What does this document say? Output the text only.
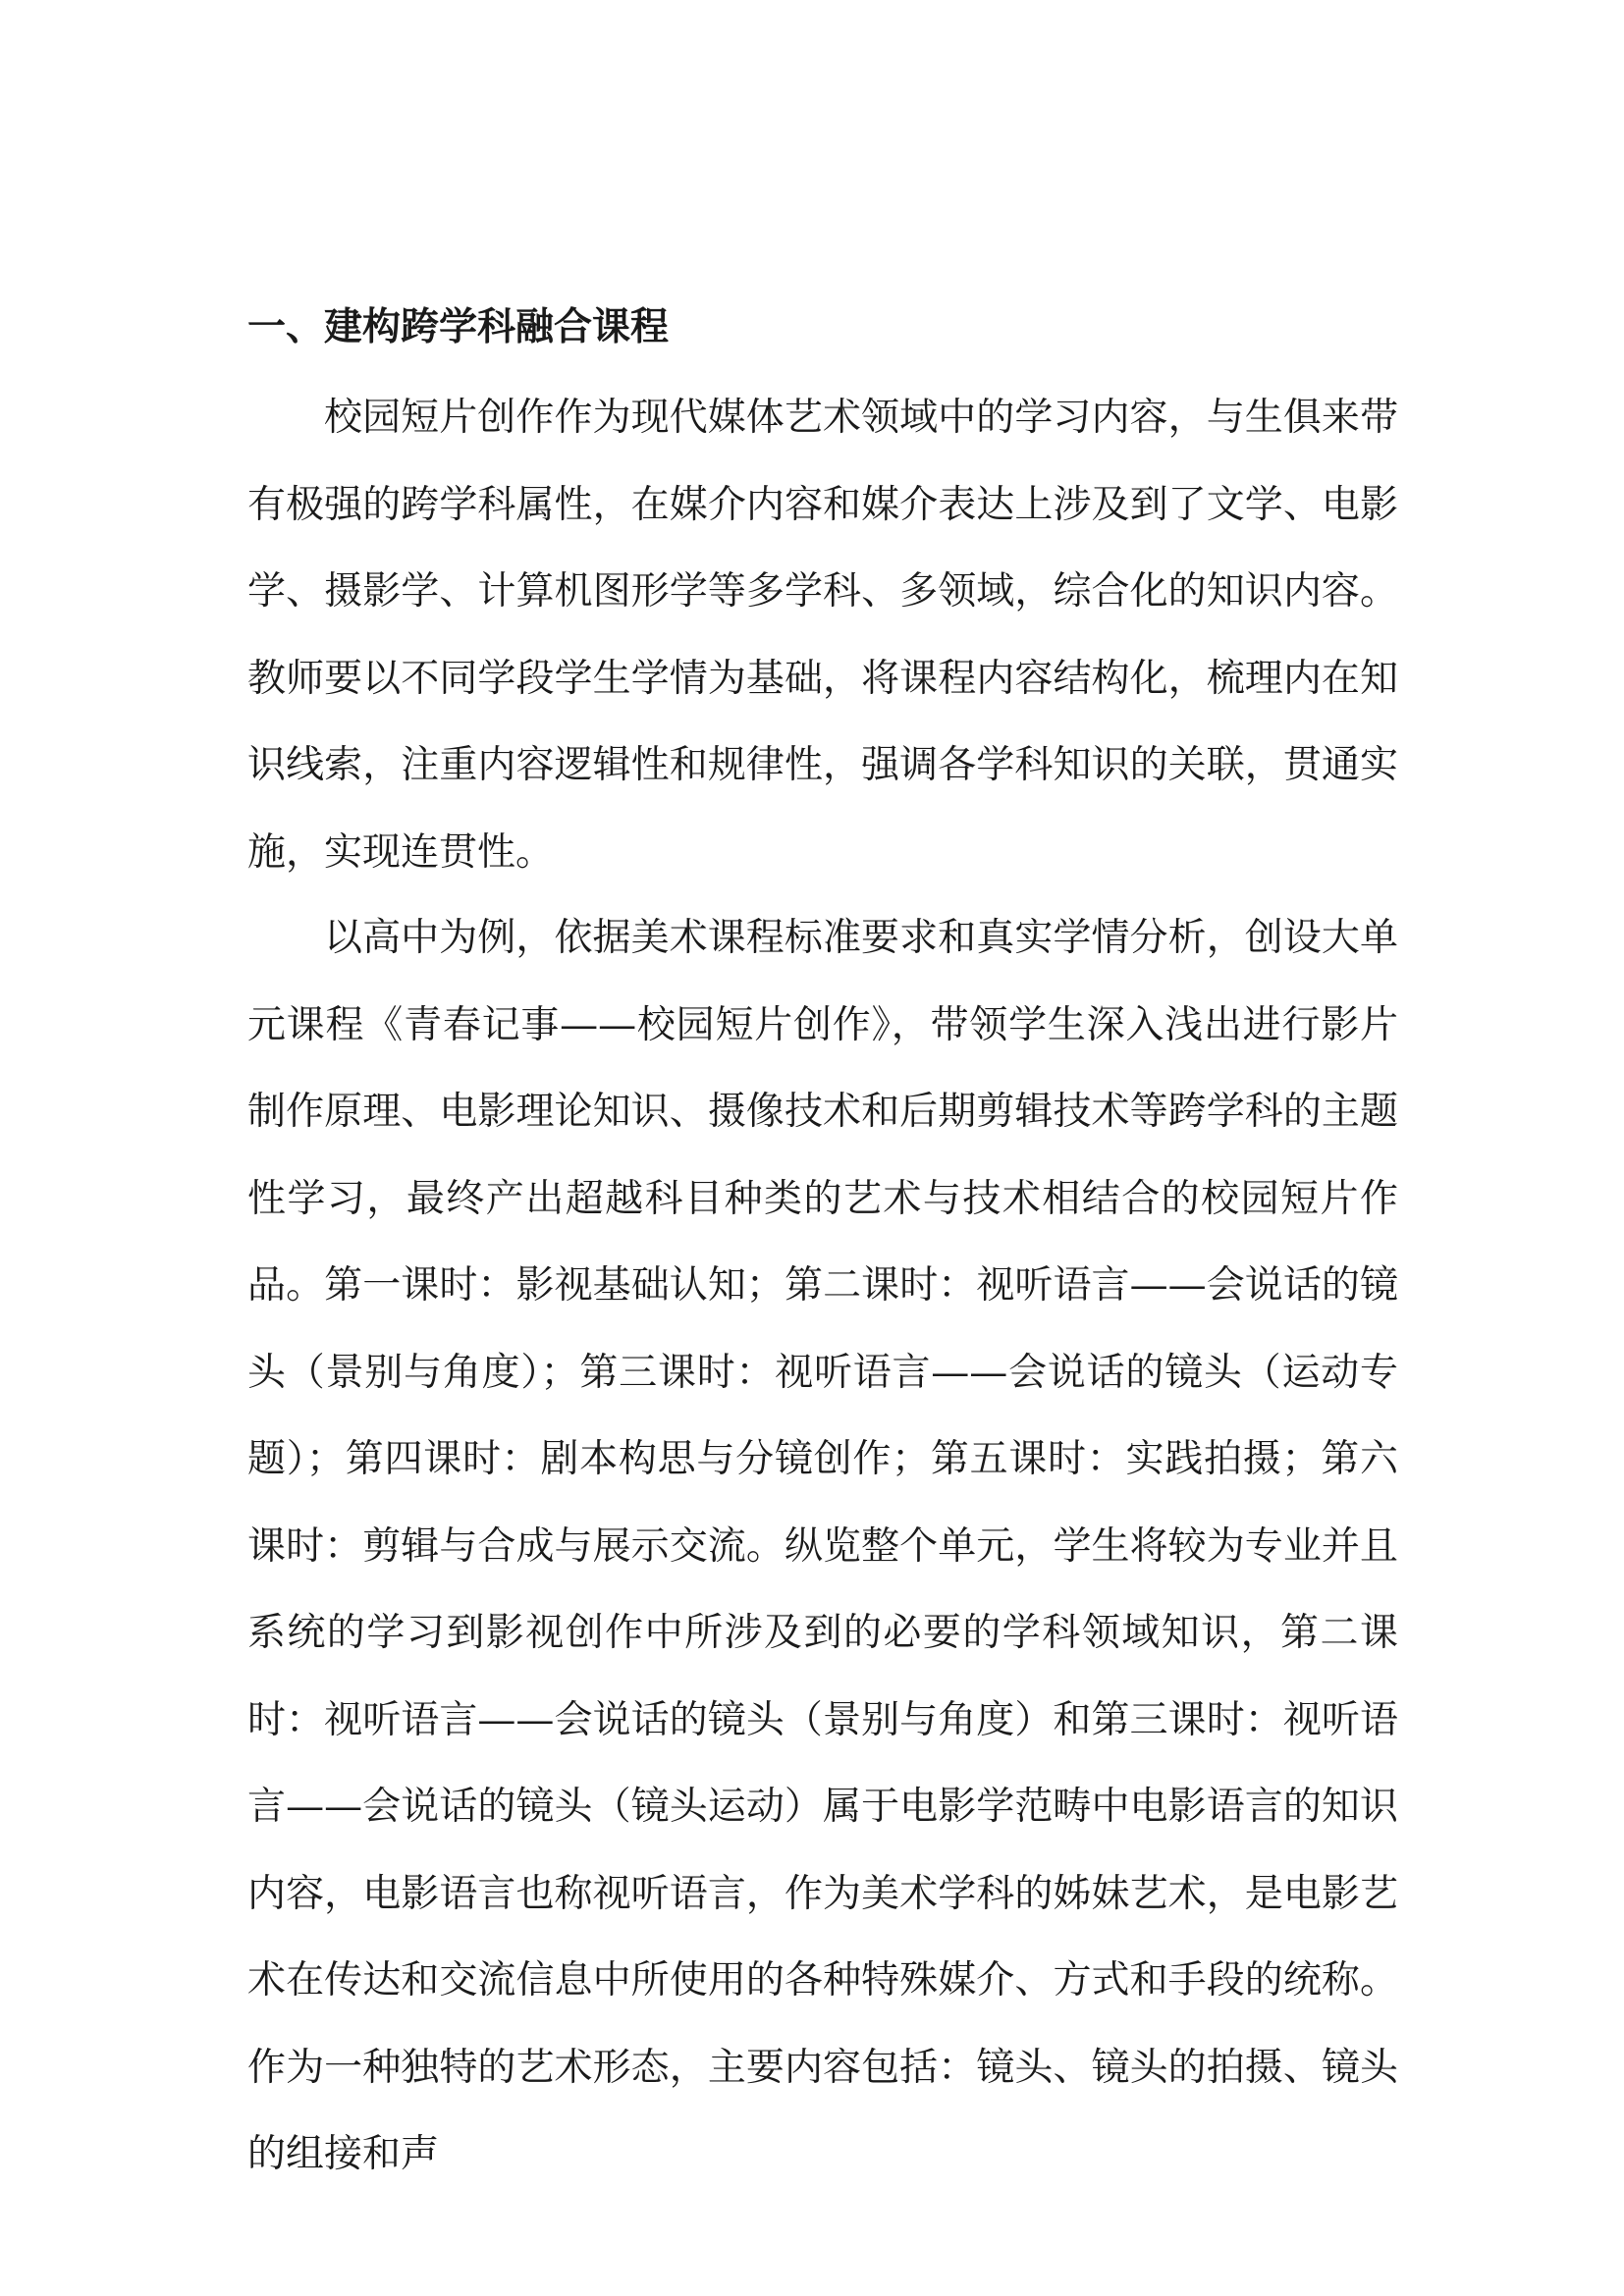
一、建构跨学科融合课程

校园短片创作作为现代媒体艺术领域中的学习内容，与生俱来带有极强的跨学科属性，在媒介内容和媒介表达上涉及到了文学、电影学、摄影学、计算机图形学等多学科、多领域，综合化的知识内容。教师要以不同学段学生学情为基础，将课程内容结构化，梳理内在知识线索，注重内容逻辑性和规律性，强调各学科知识的关联，贯通实施，实现连贯性。

以高中为例，依据美术课程标准要求和真实学情分析，创设大单元课程《青春记事——校园短片创作》，带领学生深入浅出进行影片制作原理、电影理论知识、摄像技术和后期剪辑技术等跨学科的主题性学习，最终产出超越科目种类的艺术与技术相结合的校园短片作品。第一课时：影视基础认知；第二课时：视听语言——会说话的镜头（景别与角度）；第三课时：视听语言——会说话的镜头（运动专题）；第四课时：剧本构思与分镜创作；第五课时：实践拍摄；第六课时：剪辑与合成与展示交流。纵览整个单元，学生将较为专业并且系统的学习到影视创作中所涉及到的必要的学科领域知识，第二课时：视听语言——会说话的镜头（景别与角度）和第三课时：视听语言——会说话的镜头（镜头运动）属于电影学范畴中电影语言的知识内容，电影语言也称视听语言，作为美术学科的姊妹艺术，是电影艺术在传达和交流信息中所使用的各种特殊媒介、方式和手段的统称。作为一种独特的艺术形态，主要内容包括：镜头、镜头的拍摄、镜头的组接和声
